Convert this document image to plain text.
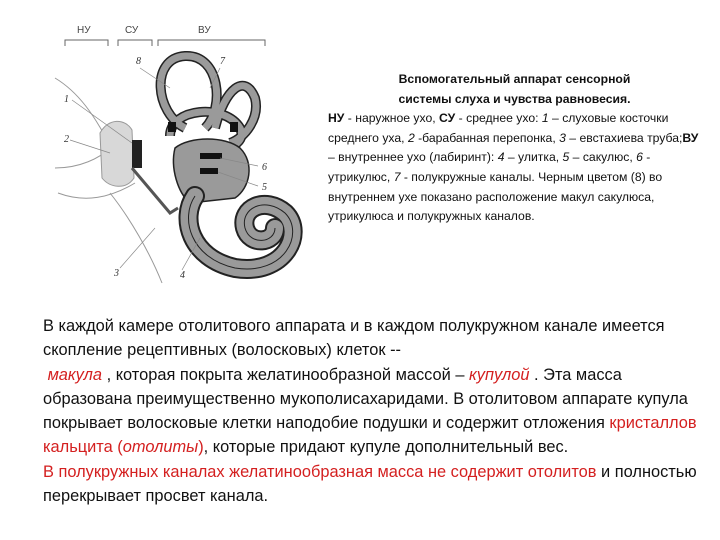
НУ	СУ	ВУ
8	7
1
2
6
5
3	4
Вспомогательный аппарат сенсорной
системы слуха и чувства равновесия.
НУ - наружное ухо, СУ - среднее ухо: 1 – слуховые косточки среднего уха, 2 -барабанная перепонка, 3 – евстахиева труба;ВУ – внутреннее ухо (лабиринт): 4 – улитка, 5 – сакулюс, 6 - утрикулюс, 7 - полукружные каналы. Черным цветом (8) во внутреннем ухе показано расположение макул сакулюса, утрикулюса и полукружных каналов.
В каждой камере отолитового аппарата и в каждом полукружном канале имеется скопление рецептивных (волосковых) клеток --
макула , которая покрыта желатинообразной массой – купулой . Эта масса образована преимущественно мукополисахаридами. В отолитовом аппарате купула покрывает волосковые клетки наподобие подушки и содержит отложения кристаллов кальцита (отолиты), которые придают купуле дополнительный вес.
В полукружных каналах желатинообразная масса не содержит отолитов и полностью перекрывает просвет канала.
